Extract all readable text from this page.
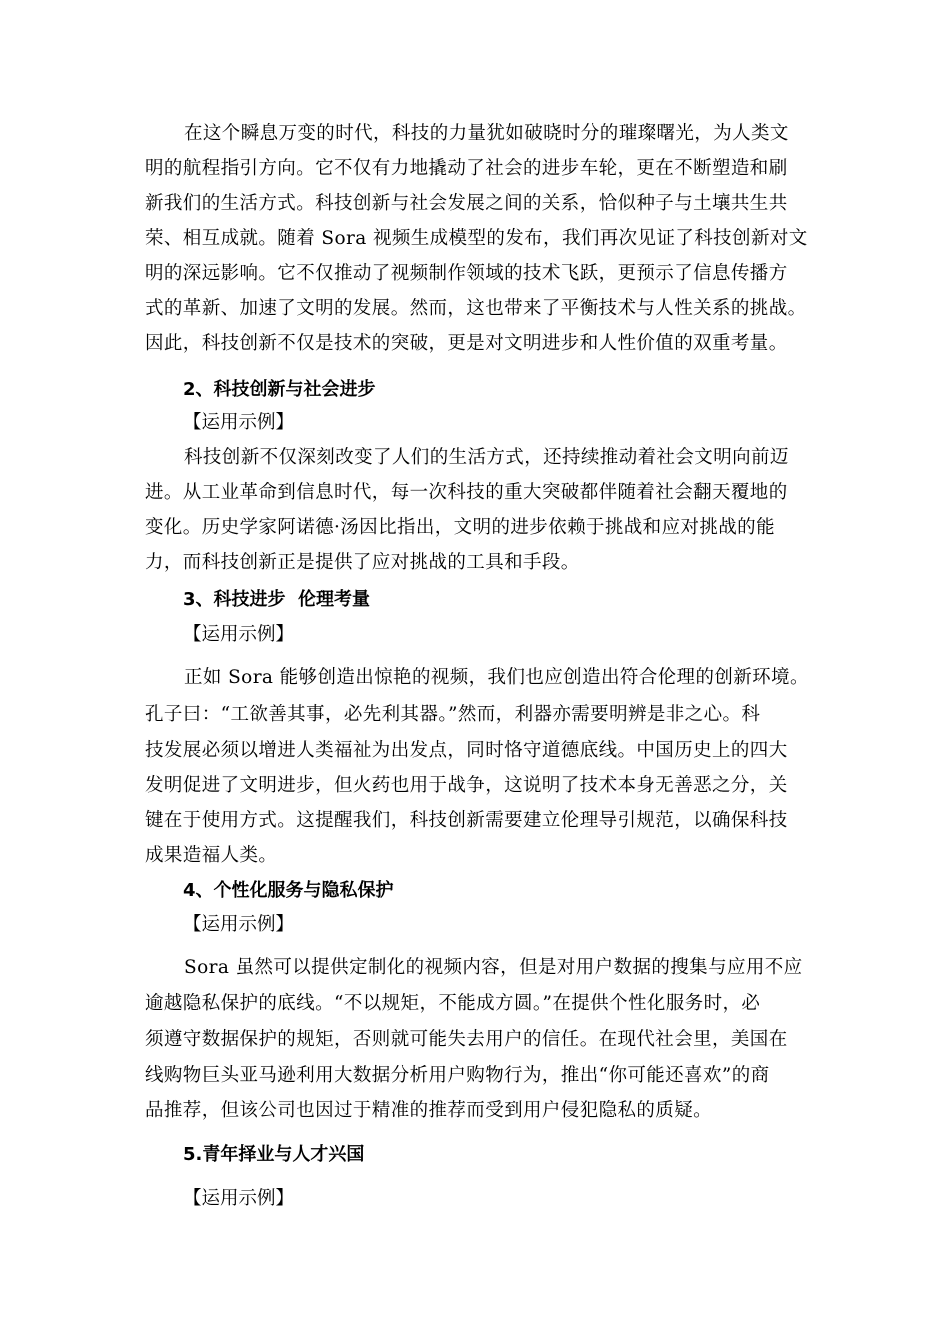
在这个瞬息万变的时代，科技的力量犹如破晓时分的璀璨曙光，为人类文
明的航程指引方向。它不仅有力地撬动了社会的进步车轮，更在不断塑造和刷
新我们的生活方式。科技创新与社会发展之间的关系，恰似种子与土壤共生共
荣、相互成就。随着 Sora 视频生成模型的发布，我们再次见证了科技创新对文
明的深远影响。它不仅推动了视频制作领域的技术飞跃，更预示了信息传播方
式的革新、加速了文明的发展。然而，这也带来了平衡技术与人性关系的挑战。
因此，科技创新不仅是技术的突破，更是对文明进步和人性价值的双重考量。
2、科技创新与社会进步
【运用示例】
科技创新不仅深刻改变了人们的生活方式，还持续推动着社会文明向前迈
进。从工业革命到信息时代，每一次科技的重大突破都伴随着社会翻天覆地的
变化。历史学家阿诺德·汤因比指出，文明的进步依赖于挑战和应对挑战的能
力，而科技创新正是提供了应对挑战的工具和手段。
3、科技进步  伦理考量
【运用示例】
正如 Sora 能够创造出惊艳的视频，我们也应创造出符合伦理的创新环境。
孔子曰：“工欲善其事，必先利其器。”然而，利器亦需要明辨是非之心。科
技发展必须以增进人类福祉为出发点，同时恪守道德底线。中国历史上的四大
发明促进了文明进步，但火药也用于战争，这说明了技术本身无善恶之分，关
键在于使用方式。这提醒我们，科技创新需要建立伦理导引规范，以确保科技
成果造福人类。
4、个性化服务与隐私保护
【运用示例】
Sora 虽然可以提供定制化的视频内容，但是对用户数据的搜集与应用不应
逾越隐私保护的底线。“不以规矩，不能成方圆。”在提供个性化服务时，必
须遵守数据保护的规矩，否则就可能失去用户的信任。在现代社会里，美国在
线购物巨头亚马逊利用大数据分析用户购物行为，推出“你可能还喜欢”的商
品推荐，但该公司也因过于精准的推荐而受到用户侵犯隐私的质疑。
5.青年择业与人才兴国
【运用示例】
